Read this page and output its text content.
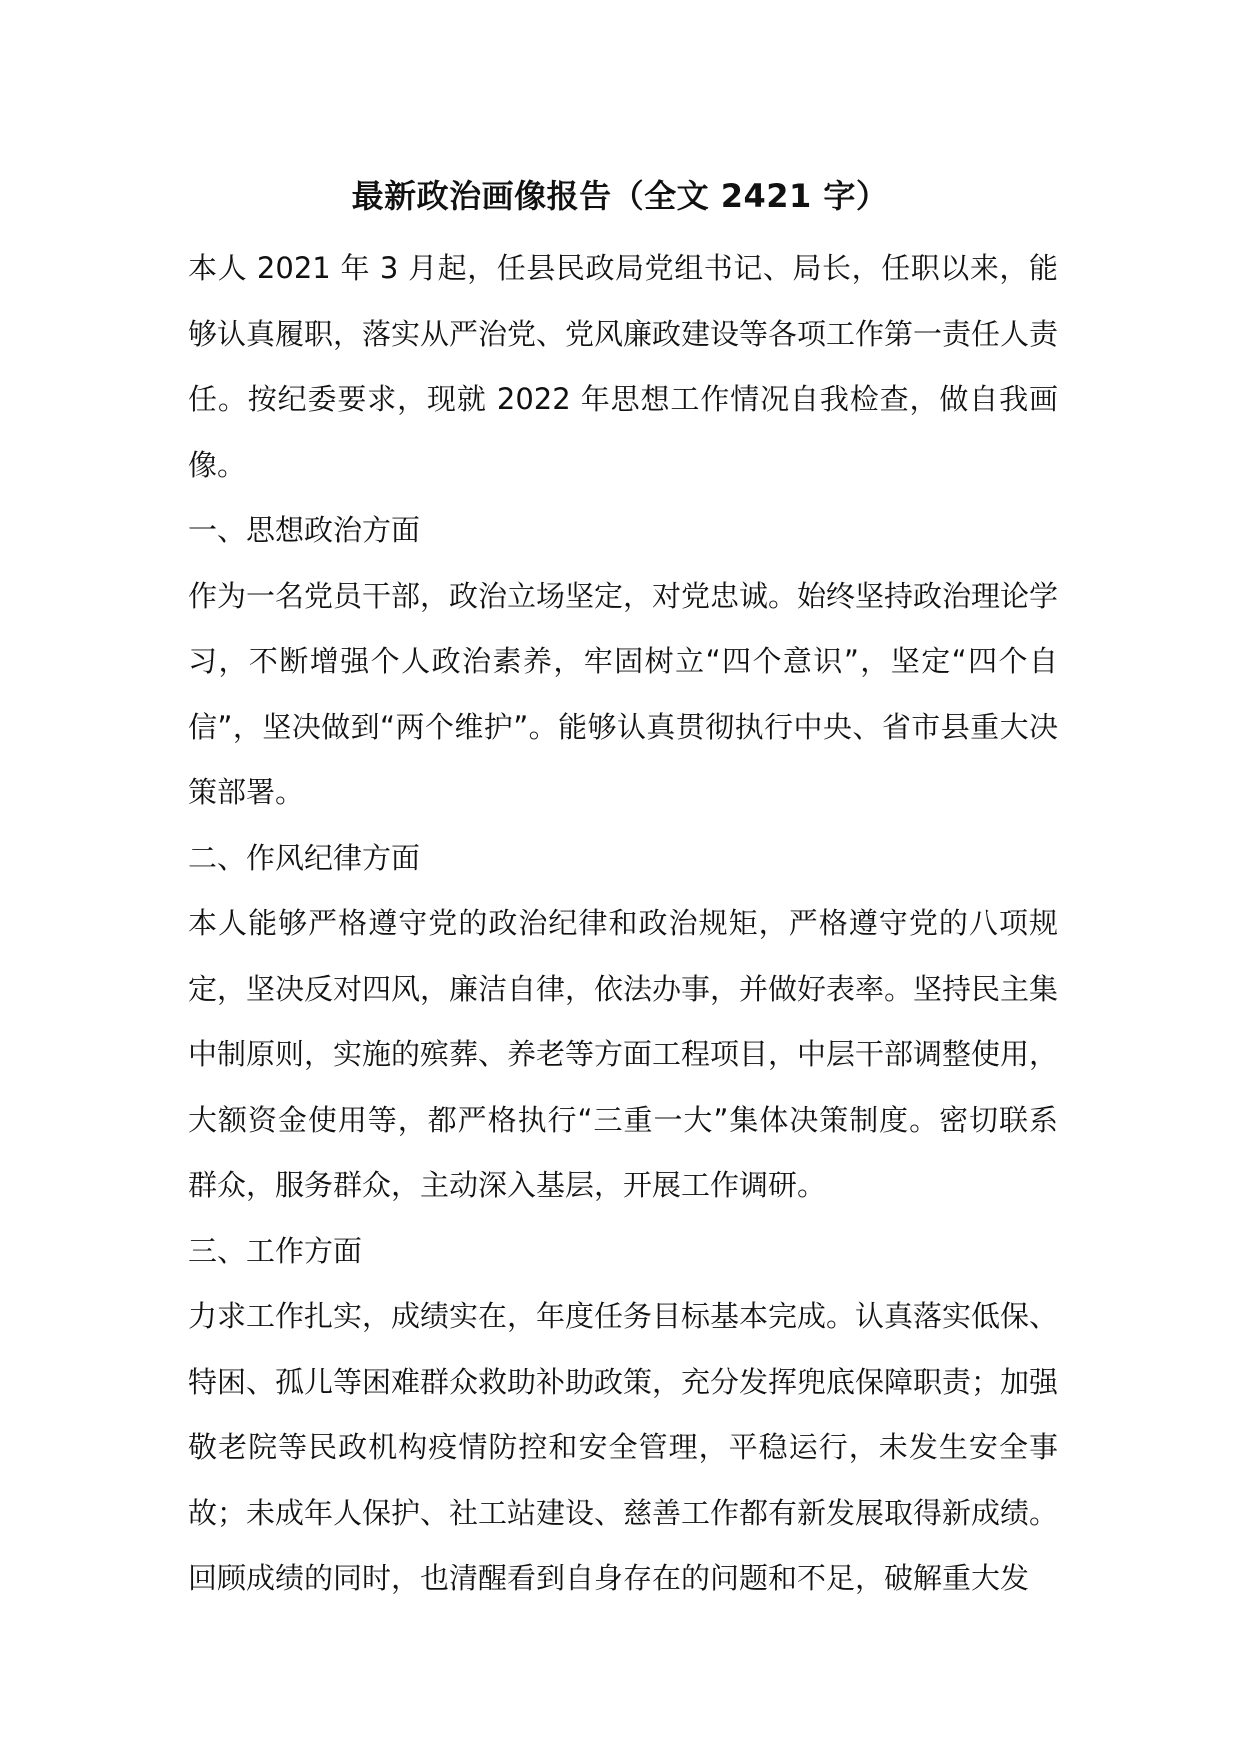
最新政治画像报告（全文 2421 字）

本人 2021 年 3 月起，任县民政局党组书记、局长，任职以来，能够认真履职，落实从严治党、党风廉政建设等各项工作第一责任人责任。按纪委要求，现就 2022 年思想工作情况自我检查，做自我画像。

一、思想政治方面

作为一名党员干部，政治立场坚定，对党忠诚。始终坚持政治理论学习，不断增强个人政治素养，牢固树立“四个意识”，坚定“四个自信”，坚决做到“两个维护”。能够认真贯彻执行中央、省市县重大决策部署。

二、作风纪律方面

本人能够严格遵守党的政治纪律和政治规矩，严格遵守党的八项规定，坚决反对四风，廉洁自律，依法办事，并做好表率。坚持民主集中制原则，实施的殡葬、养老等方面工程项目，中层干部调整使用，大额资金使用等，都严格执行“三重一大”集体决策制度。密切联系群众，服务群众，主动深入基层，开展工作调研。

三、工作方面

力求工作扎实，成绩实在，年度任务目标基本完成。认真落实低保、特困、孤儿等困难群众救助补助政策，充分发挥兜底保障职责；加强敬老院等民政机构疫情防控和安全管理，平稳运行，未发生安全事故；未成年人保护、社工站建设、慈善工作都有新发展取得新成绩。

回顾成绩的同时，也清醒看到自身存在的问题和不足，破解重大发
